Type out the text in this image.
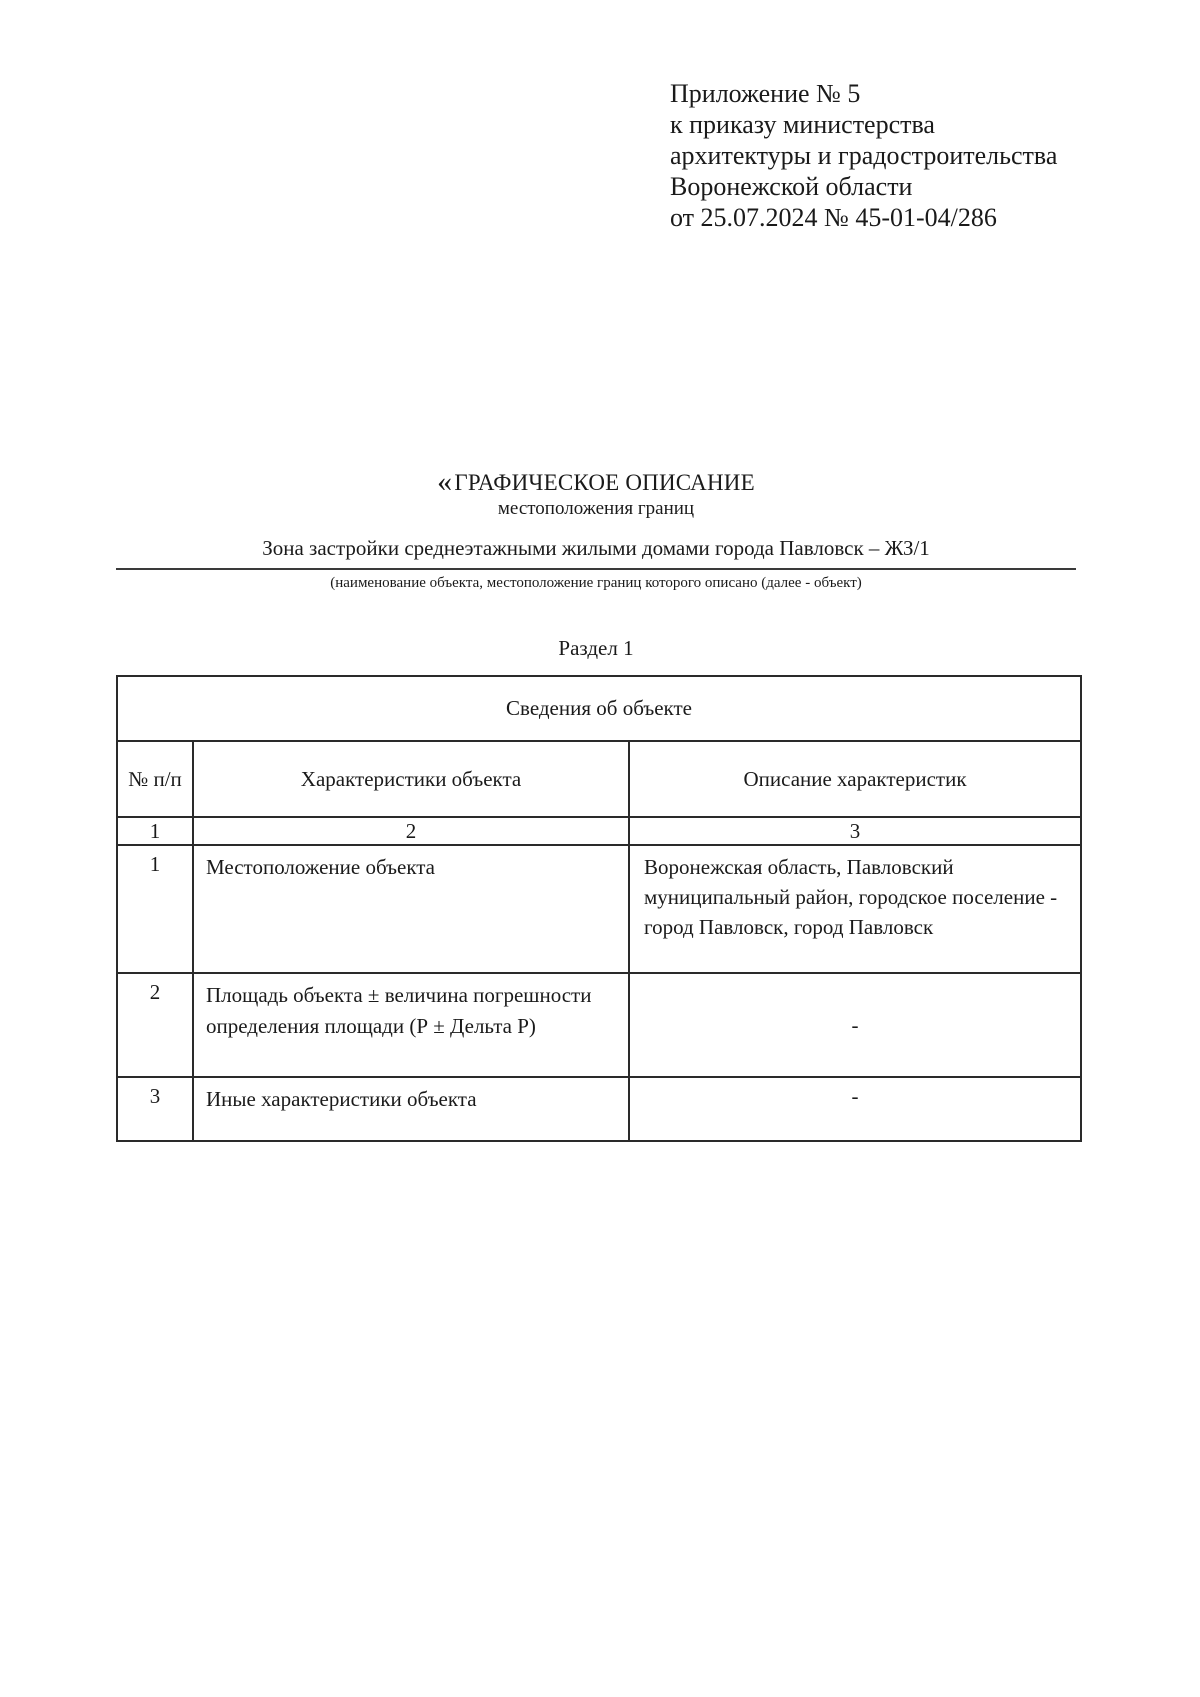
Приложение № 5
к приказу министерства
архитектуры и градостроительства
Воронежской области
от 25.07.2024 № 45-01-04/286
«ГРАФИЧЕСКОЕ ОПИСАНИЕ
местоположения границ
Зона застройки среднеэтажными жилыми домами города Павловск – ЖЗ/1
(наименование объекта, местоположение границ которого описано (далее - объект)
Раздел 1
Сведения об объекте		
№ п/п	Характеристики объекта	Описание характеристик
1	2	3
1	Местоположение объекта	Воронежская область, Павловский муниципальный район, городское поселение - город Павловск, город Павловск
2	Площадь объекта ± величина погрешности определения площади (Р ± Дельта Р)	-
3	Иные характеристики объекта	-
